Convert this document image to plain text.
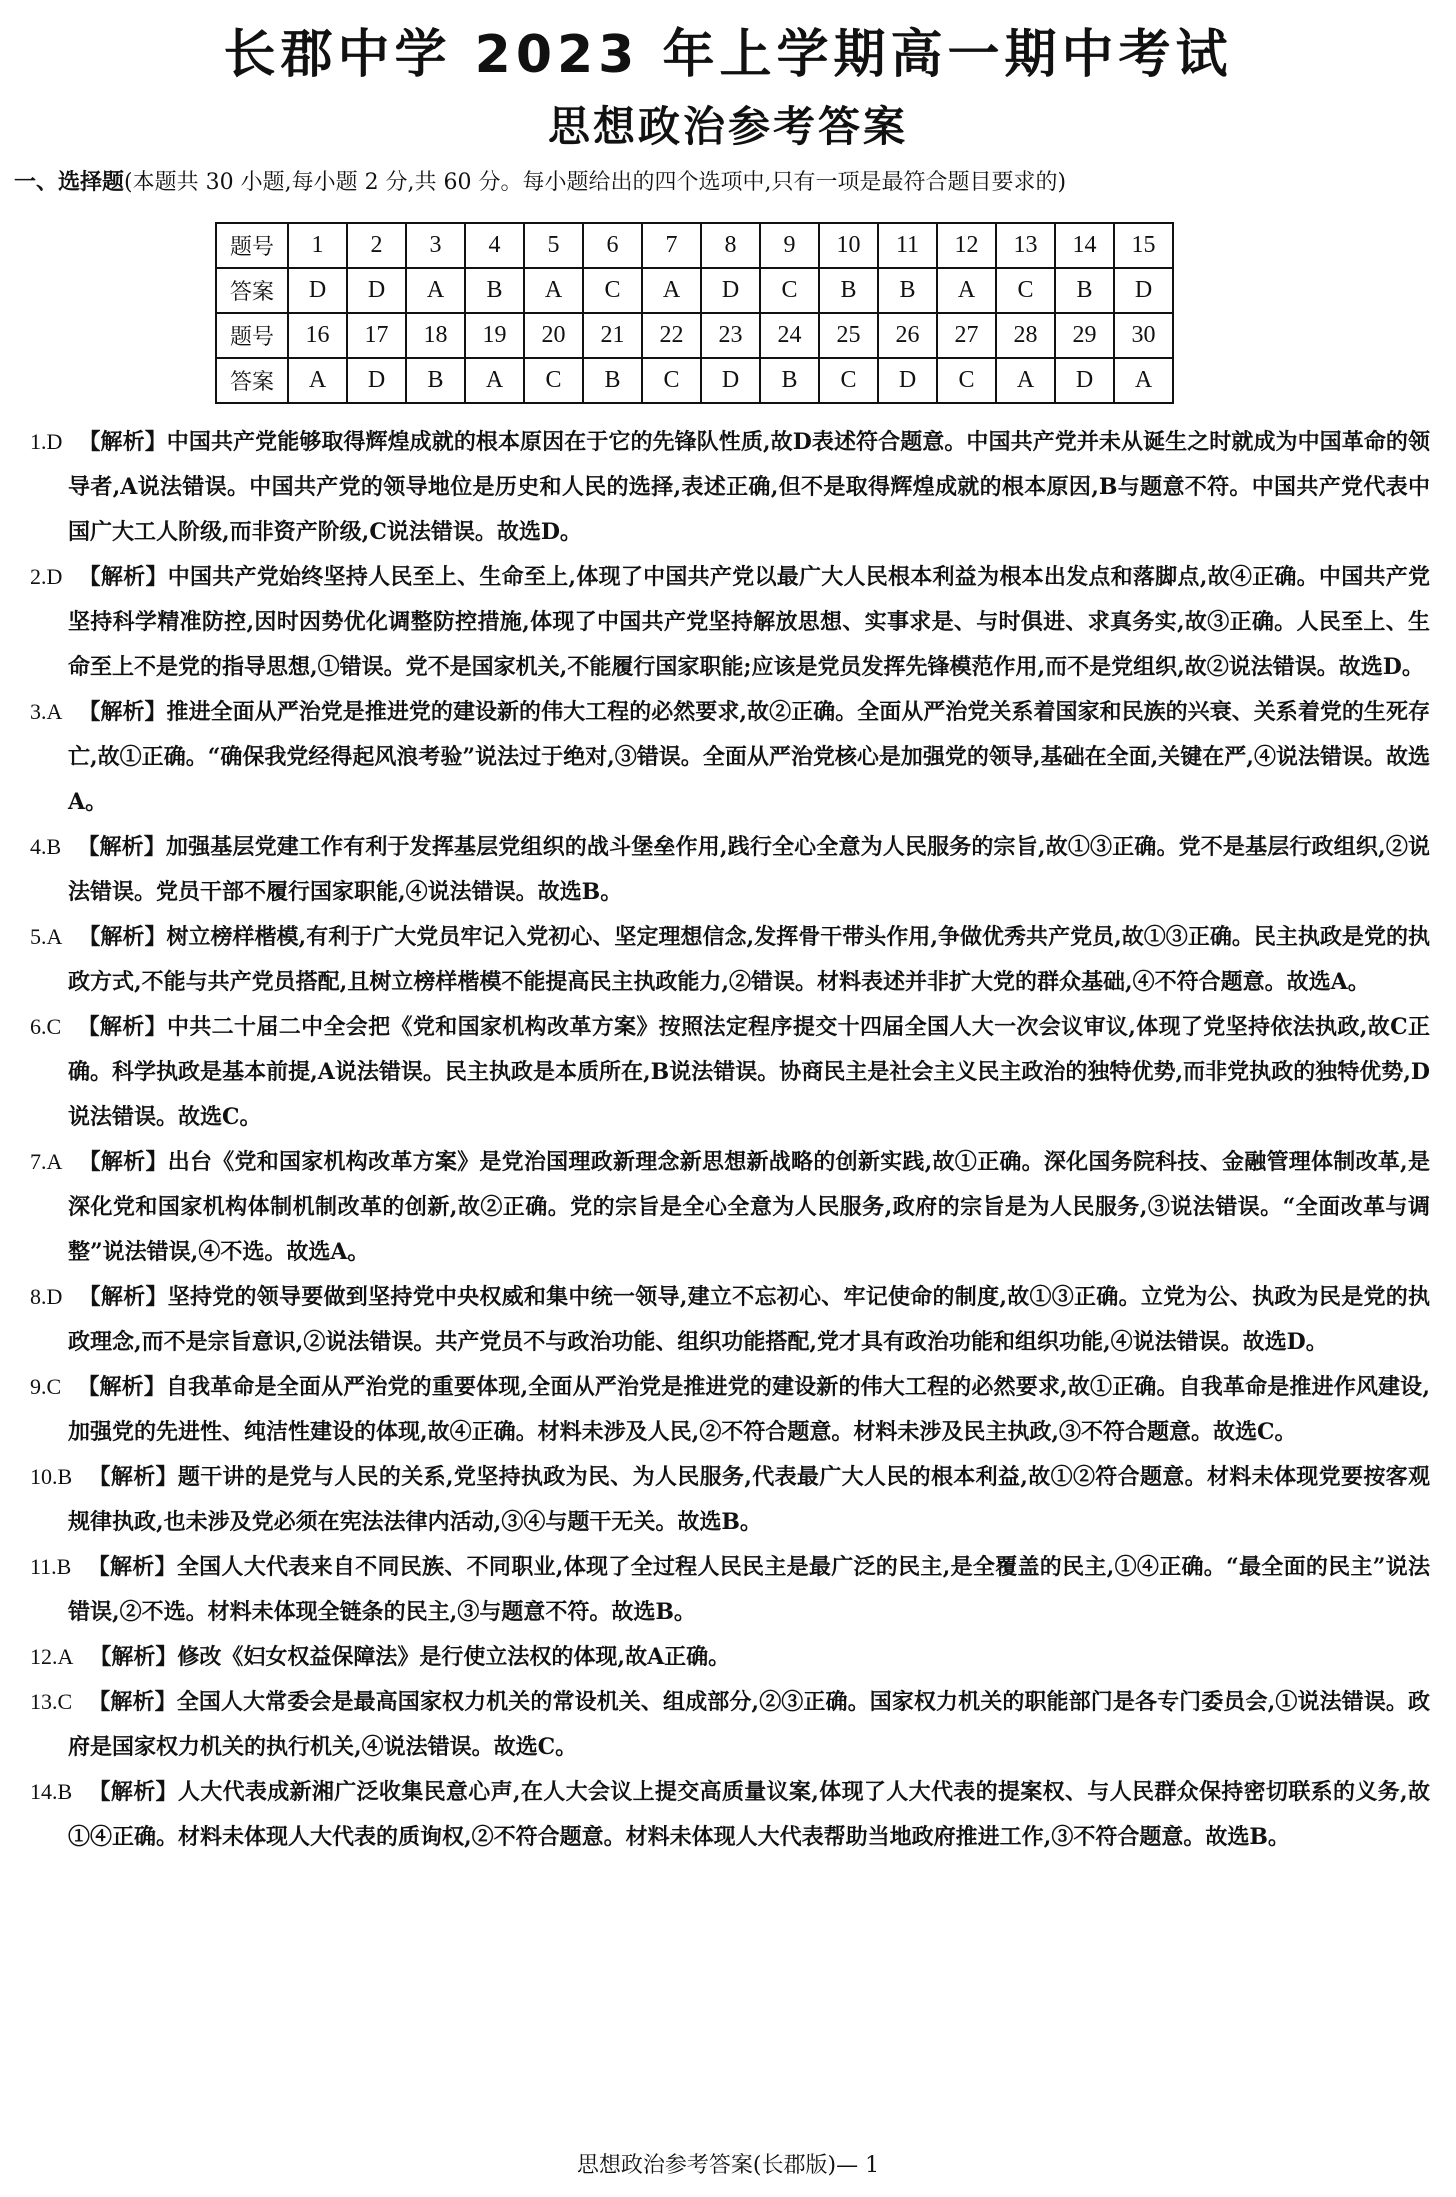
长郡中学 2023 年上学期高一期中考试
思想政治参考答案
一、选择题(本题共 30 小题,每小题 2 分,共 60 分。每小题给出的四个选项中,只有一项是最符合题目要求的)
题号	1	2	3	4	5	6	7	8	9	10	11	12	13	14	15
答案	D	D	A	B	A	C	A	D	C	B	B	A	C	B	D
题号	16	17	18	19	20	21	22	23	24	25	26	27	28	29	30
答案	A	D	B	A	C	B	C	D	B	C	D	C	A	D	A
1.D 【解析】中国共产党能够取得辉煌成就的根本原因在于它的先锋队性质,故D表述符合题意。中国共产党并未从诞生之时就成为中国革命的领导者,A说法错误。中国共产党的领导地位是历史和人民的选择,表述正确,但不是取得辉煌成就的根本原因,B与题意不符。中国共产党代表中国广大工人阶级,而非资产阶级,C说法错误。故选D。
2.D 【解析】中国共产党始终坚持人民至上、生命至上,体现了中国共产党以最广大人民根本利益为根本出发点和落脚点,故④正确。中国共产党坚持科学精准防控,因时因势优化调整防控措施,体现了中国共产党坚持解放思想、实事求是、与时俱进、求真务实,故③正确。人民至上、生命至上不是党的指导思想,①错误。党不是国家机关,不能履行国家职能;应该是党员发挥先锋模范作用,而不是党组织,故②说法错误。故选D。
3.A 【解析】推进全面从严治党是推进党的建设新的伟大工程的必然要求,故②正确。全面从严治党关系着国家和民族的兴衰、关系着党的生死存亡,故①正确。“确保我党经得起风浪考验”说法过于绝对,③错误。全面从严治党核心是加强党的领导,基础在全面,关键在严,④说法错误。故选A。
4.B 【解析】加强基层党建工作有利于发挥基层党组织的战斗堡垒作用,践行全心全意为人民服务的宗旨,故①③正确。党不是基层行政组织,②说法错误。党员干部不履行国家职能,④说法错误。故选B。
5.A 【解析】树立榜样楷模,有利于广大党员牢记入党初心、坚定理想信念,发挥骨干带头作用,争做优秀共产党员,故①③正确。民主执政是党的执政方式,不能与共产党员搭配,且树立榜样楷模不能提高民主执政能力,②错误。材料表述并非扩大党的群众基础,④不符合题意。故选A。
6.C 【解析】中共二十届二中全会把《党和国家机构改革方案》按照法定程序提交十四届全国人大一次会议审议,体现了党坚持依法执政,故C正确。科学执政是基本前提,A说法错误。民主执政是本质所在,B说法错误。协商民主是社会主义民主政治的独特优势,而非党执政的独特优势,D说法错误。故选C。
7.A 【解析】出台《党和国家机构改革方案》是党治国理政新理念新思想新战略的创新实践,故①正确。深化国务院科技、金融管理体制改革,是深化党和国家机构体制机制改革的创新,故②正确。党的宗旨是全心全意为人民服务,政府的宗旨是为人民服务,③说法错误。“全面改革与调整”说法错误,④不选。故选A。
8.D 【解析】坚持党的领导要做到坚持党中央权威和集中统一领导,建立不忘初心、牢记使命的制度,故①③正确。立党为公、执政为民是党的执政理念,而不是宗旨意识,②说法错误。共产党员不与政治功能、组织功能搭配,党才具有政治功能和组织功能,④说法错误。故选D。
9.C 【解析】自我革命是全面从严治党的重要体现,全面从严治党是推进党的建设新的伟大工程的必然要求,故①正确。自我革命是推进作风建设,加强党的先进性、纯洁性建设的体现,故④正确。材料未涉及人民,②不符合题意。材料未涉及民主执政,③不符合题意。故选C。
10.B 【解析】题干讲的是党与人民的关系,党坚持执政为民、为人民服务,代表最广大人民的根本利益,故①②符合题意。材料未体现党要按客观规律执政,也未涉及党必须在宪法法律内活动,③④与题干无关。故选B。
11.B 【解析】全国人大代表来自不同民族、不同职业,体现了全过程人民民主是最广泛的民主,是全覆盖的民主,①④正确。“最全面的民主”说法错误,②不选。材料未体现全链条的民主,③与题意不符。故选B。
12.A 【解析】修改《妇女权益保障法》是行使立法权的体现,故A正确。
13.C 【解析】全国人大常委会是最高国家权力机关的常设机关、组成部分,②③正确。国家权力机关的职能部门是各专门委员会,①说法错误。政府是国家权力机关的执行机关,④说法错误。故选C。
14.B 【解析】人大代表成新湘广泛收集民意心声,在人大会议上提交高质量议案,体现了人大代表的提案权、与人民群众保持密切联系的义务,故①④正确。材料未体现人大代表的质询权,②不符合题意。材料未体现人大代表帮助当地政府推进工作,③不符合题意。故选B。
思想政治参考答案(长郡版)— 1
